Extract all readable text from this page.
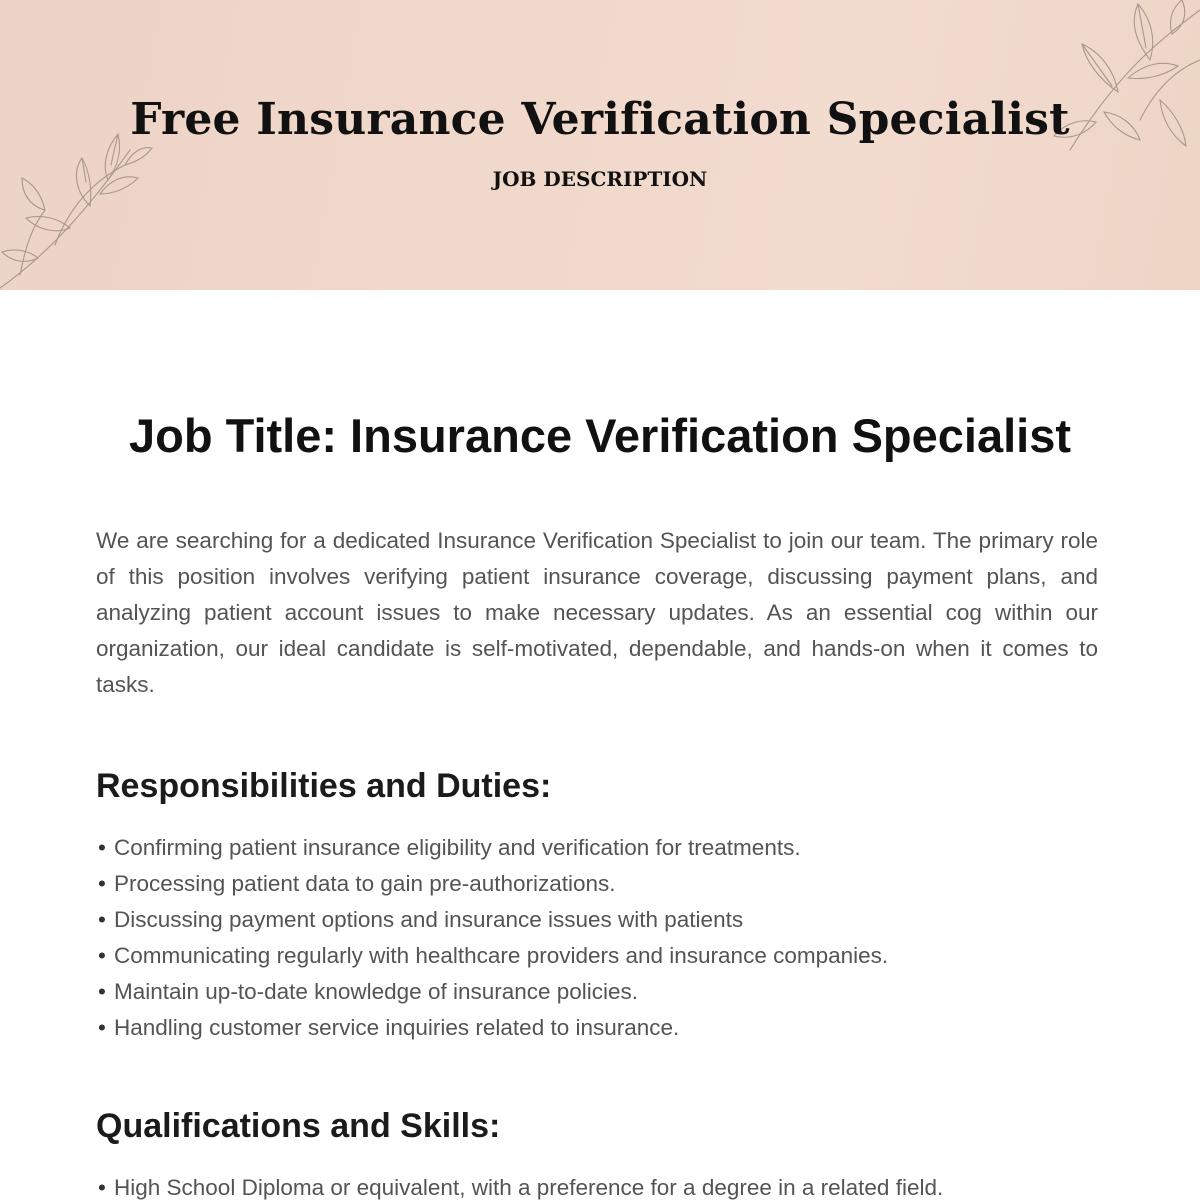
Free Insurance Verification Specialist
JOB DESCRIPTION
Job Title: Insurance Verification Specialist

We are searching for a dedicated Insurance Verification Specialist to join our team. The primary role of this position involves verifying patient insurance coverage, discussing payment plans, and analyzing patient account issues to make necessary updates. As an essential cog within our organization, our ideal candidate is self-motivated, dependable, and hands-on when it comes to tasks.

Responsibilities and Duties:
• Confirming patient insurance eligibility and verification for treatments.
• Processing patient data to gain pre-authorizations.
• Discussing payment options and insurance issues with patients
• Communicating regularly with healthcare providers and insurance companies.
• Maintain up-to-date knowledge of insurance policies.
• Handling customer service inquiries related to insurance.
Qualifications and Skills:
• High School Diploma or equivalent, with a preference for a degree in a related field.
